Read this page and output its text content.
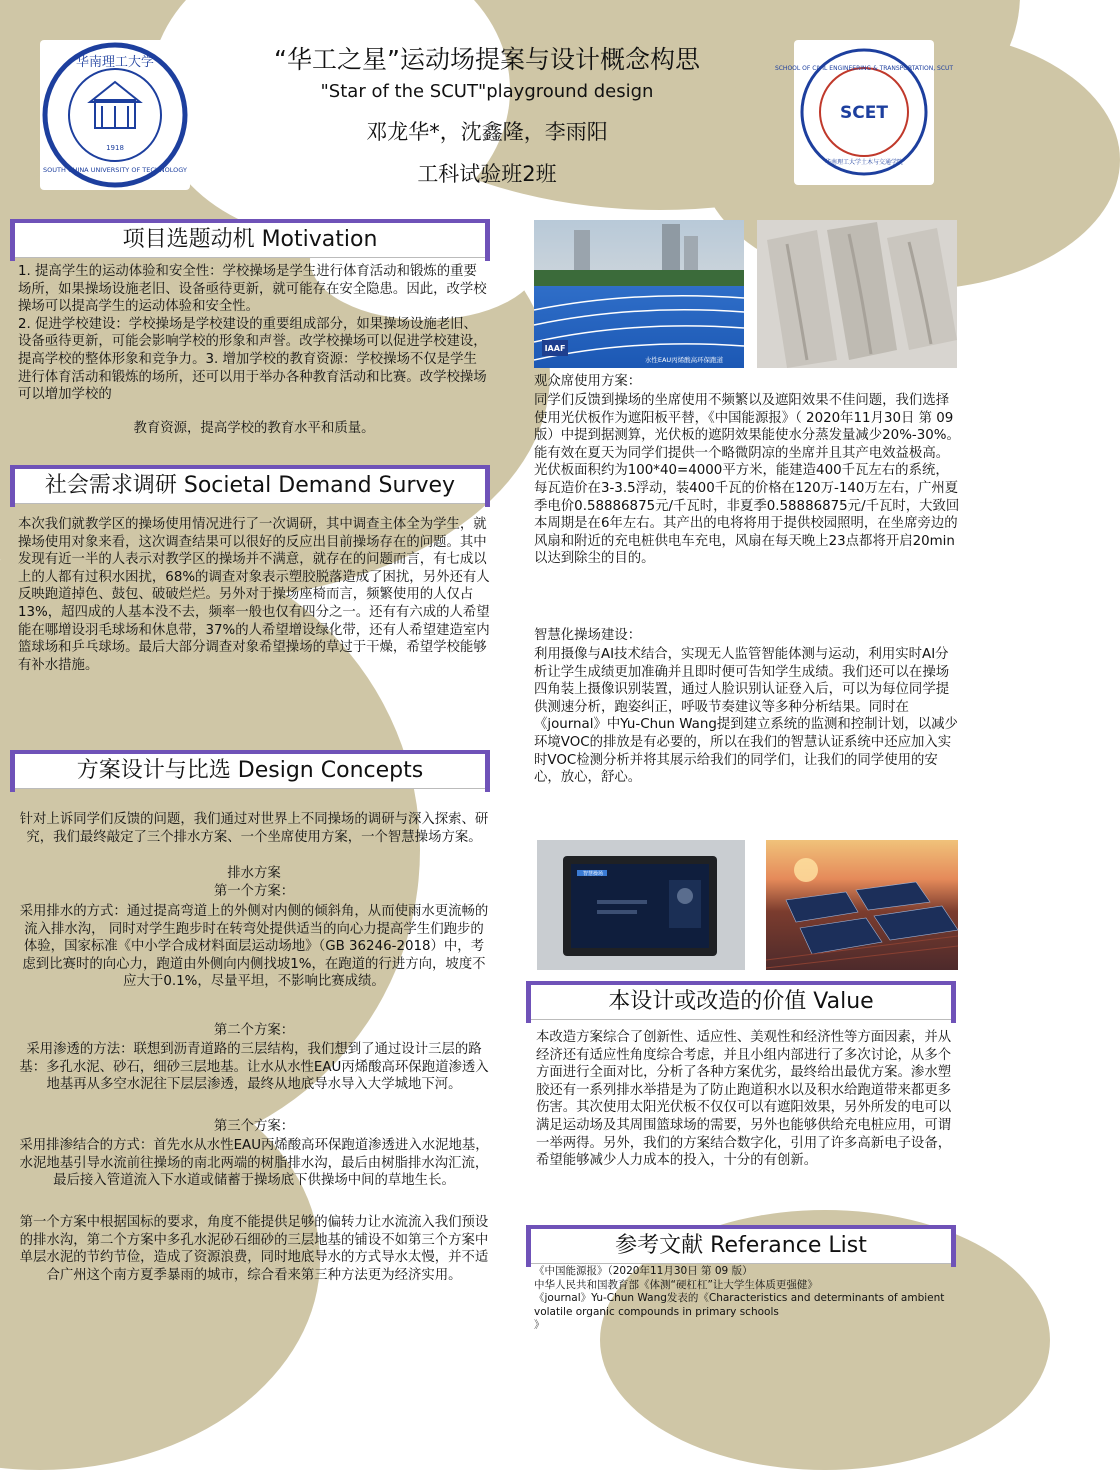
华南理工大学
SOUTH CHINA UNIVERSITY OF TECHNOLOGY
1918
SCHOOL OF CIVIL ENGINEERING & TRANSPORTATION, SCUT
SCET
华南理工大学土木与交通学院
“华工之星”运动场提案与设计概念构思
"Star of the SCUT"playground design
邓龙华*，沈鑫隆，李雨阳
工科试验班2班
项目选题动机 Motivation
1. 提高学生的运动体验和安全性：学校操场是学生进行体育活动和锻炼的重要场所，如果操场设施老旧、设备亟待更新，就可能存在安全隐患。因此，改学校操场可以提高学生的运动体验和安全性。
2. 促进学校建设：学校操场是学校建设的重要组成部分，如果操场设施老旧、设备亟待更新，可能会影响学校的形象和声誉。改学校操场可以促进学校建设，提高学校的整体形象和竞争力。3. 增加学校的教育资源：学校操场不仅是学生进行体育活动和锻炼的场所，还可以用于举办各种教育活动和比赛。改学校操场可以增加学校的
教育资源，提高学校的教育水平和质量。
社会需求调研 Societal Demand Survey
本次我们就教学区的操场使用情况进行了一次调研，其中调查主体全为学生，就操场使用对象来看，这次调查结果可以很好的反应出目前操场存在的问题。其中发现有近一半的人表示对教学区的操场并不满意，就存在的问题而言，有七成以上的人都有过积水困扰，68%的调查对象表示塑胶脱落造成了困扰，另外还有人反映跑道掉色、鼓包、破破烂烂。另外对于操场座椅而言，频繁使用的人仅占13%，超四成的人基本没不去，频率一般也仅有四分之一。还有有六成的人希望能在哪增设羽毛球场和休息带，37%的人希望增设绿化带，还有人希望建造室内篮球场和乒乓球场。最后大部分调查对象希望操场的草过于干燥，希望学校能够有补水措施。
方案设计与比选 Design Concepts
针对上诉同学们反馈的问题，我们通过对世界上不同操场的调研与深入探索、研究，我们最终敲定了三个排水方案、一个坐席使用方案，一个智慧操场方案。
排水方案
第一个方案：
采用排水的方式：通过提高弯道上的外侧对内侧的倾斜角，从而使雨水更流畅的流入排水沟， 同时对学生跑步时在转弯处提供适当的向心力提高学生们跑步的体验，国家标准《中小学合成材料面层运动场地》（GB 36246-2018）中，考虑到比赛时的向心力，跑道由外侧向内侧找坡1%，在跑道的行进方向，坡度不应大于0.1%，尽量平坦，不影响比赛成绩。
第二个方案：
采用渗透的方法：联想到沥青道路的三层结构，我们想到了通过设计三层的路基：多孔水泥、砂石，细砂三层地基。让水从水性EAU丙烯酸高环保跑道渗透入地基再从多空水泥往下层层渗透，最终从地底导水导入大学城地下河。
第三个方案：
采用排渗结合的方式：首先水从水性EAU丙烯酸高环保跑道渗透进入水泥地基，水泥地基引导水流前往操场的南北两端的树脂排水沟，最后由树脂排水沟汇流，最后接入管道流入下水道或储蓄于操场底下供操场中间的草地生长。
第一个方案中根据国标的要求，角度不能提供足够的偏转力让水流流入我们预设的排水沟，第二个方案中多孔水泥砂石细砂的三层地基的铺设不如第三个方案中单层水泥的节约节俭，造成了资源浪费，同时地底导水的方式导水太慢，并不适合广州这个南方夏季暴雨的城市，综合看来第三种方法更为经济实用。
IAAF
水性EAU丙烯酸高环保跑道
观众席使用方案：
同学们反馈到操场的坐席使用不频繁以及遮阳效果不佳问题，我们选择使用光伏板作为遮阳板平替，《中国能源报》（ 2020年11月30日 第 09 版）中提到据测算，光伏板的遮阴效果能使水分蒸发量减少20%-30%。能有效在夏天为同学们提供一个略微阴凉的坐席并且其产电效益极高。光伏板面积约为100*40=4000平方米，能建造400千瓦左右的系统，每瓦造价在3-3.5浮动，装400千瓦的价格在120万-140万左右，广州夏季电价0.58886875元/千瓦时，非夏季0.58886875元/千瓦时，大致回本周期是在6年左右。其产出的电将将用于提供校园照明，在坐席旁边的风扇和附近的充电桩供电车充电，风扇在每天晚上23点都将开启20min以达到除尘的目的。
智慧化操场建设：
利用摄像与AI技术结合，实现无人监管智能体测与运动，利用实时AI分析让学生成绩更加准确并且即时便可告知学生成绩。我们还可以在操场四角装上摄像识别装置，通过人脸识别认证登入后，可以为每位同学提供测速分析，跑姿纠正，呼吸节奏建议等多种分析结果。同时在《journal》中Yu-Chun Wang提到建立系统的监测和控制计划，以减少环境VOC的排放是有必要的，所以在我们的智慧认证系统中还应加入实时VOC检测分析并将其展示给我们的同学们，让我们的同学使用的安心，放心，舒心。
智慧操场
本设计或改造的价值 Value
本改造方案综合了创新性、适应性、美观性和经济性等方面因素，并从经济还有适应性角度综合考虑，并且小组内部进行了多次讨论，从多个方面进行全面对比，分析了各种方案优劣，最终给出最优方案。渗水塑胶还有一系列排水举措是为了防止跑道积水以及积水给跑道带来都更多伤害。其次使用太阳光伏板不仅仅可以有遮阳效果，另外所发的电可以满足运动场及其周围篮球场的需要，另外也能够供给充电桩应用，可谓一举两得。另外，我们的方案结合数字化，引用了许多高新电子设备，希望能够减少人力成本的投入，十分的有创新。
参考文献 Referance List
《中国能源报》（2020年11月30日 第 09 版）
中华人民共和国教育部《体测“硬杠杠”让大学生体质更强健》
《journal》Yu-Chun Wang发表的《Characteristics and determinants of ambient volatile organic compounds in primary schools
》
